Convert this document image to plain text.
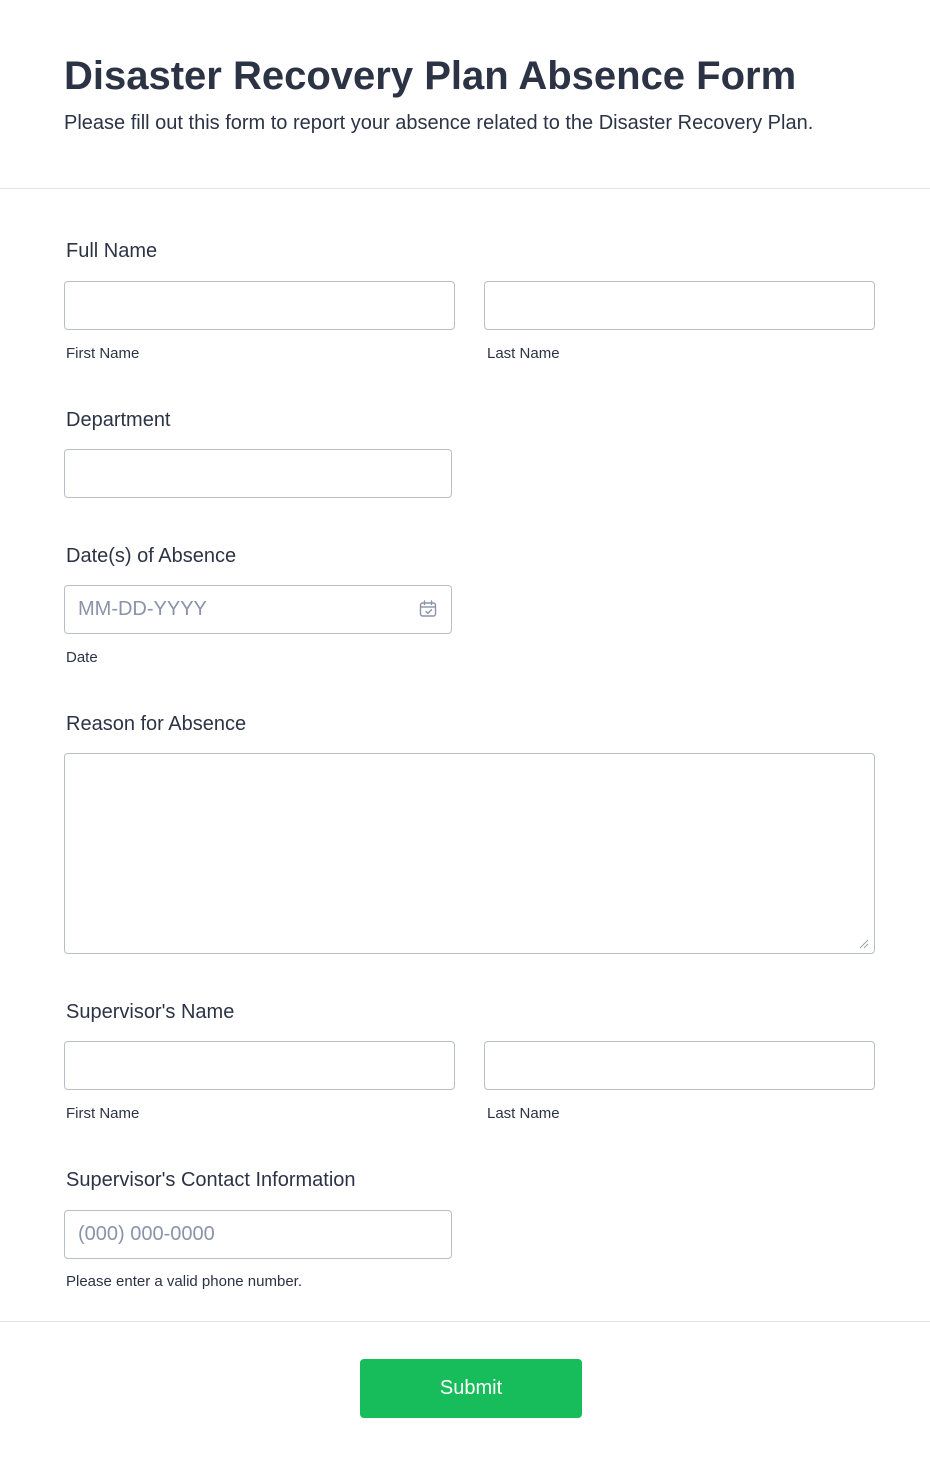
Disaster Recovery Plan Absence Form

Please fill out this form to report your absence related to the Disaster Recovery Plan.

Full Name
First Name	Last Name
Department
Date(s) of Absence
MM-DD-YYYY
Date
Reason for Absence
Supervisor's Name
First Name	Last Name
Supervisor's Contact Information
(000) 000-0000
Please enter a valid phone number.
Submit
